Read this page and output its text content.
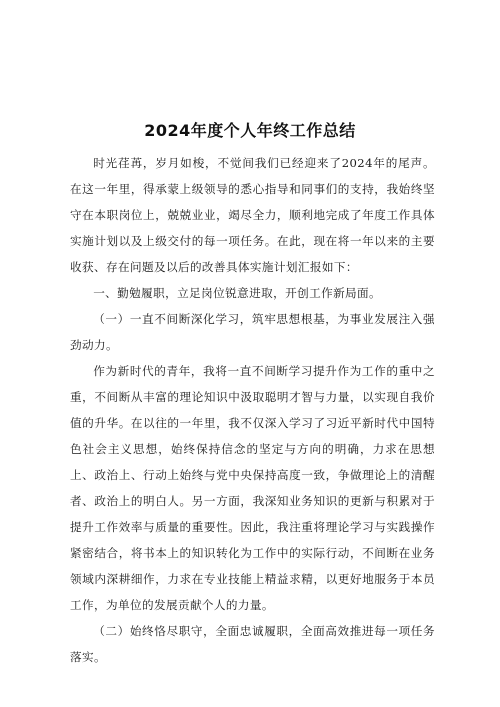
2024年度个人年终工作总结

时光荏苒，岁月如梭，不觉间我们已经迎来了2024年的尾声。在这一年里，得承蒙上级领导的悉心指导和同事们的支持，我始终坚守在本职岗位上，兢兢业业，竭尽全力，顺利地完成了年度工作具体实施计划以及上级交付的每一项任务。在此，现在将一年以来的主要收获、存在问题及以后的改善具体实施计划汇报如下：

一、勤勉履职，立足岗位锐意进取，开创工作新局面。

（一）一直不间断深化学习，筑牢思想根基，为事业发展注入强劲动力。

作为新时代的青年，我将一直不间断学习提升作为工作的重中之重，不间断从丰富的理论知识中汲取聪明才智与力量，以实现自我价值的升华。在以往的一年里，我不仅深入学习了习近平新时代中国特色社会主义思想，始终保持信念的坚定与方向的明确，力求在思想上、政治上、行动上始终与党中央保持高度一致，争做理论上的清醒者、政治上的明白人。另一方面，我深知业务知识的更新与积累对于提升工作效率与质量的重要性。因此，我注重将理论学习与实践操作紧密结合，将书本上的知识转化为工作中的实际行动，不间断在业务领域内深耕细作，力求在专业技能上精益求精，以更好地服务于本员工作，为单位的发展贡献个人的力量。

（二）始终恪尽职守，全面忠诚履职，全面高效推进每一项任务落实。
